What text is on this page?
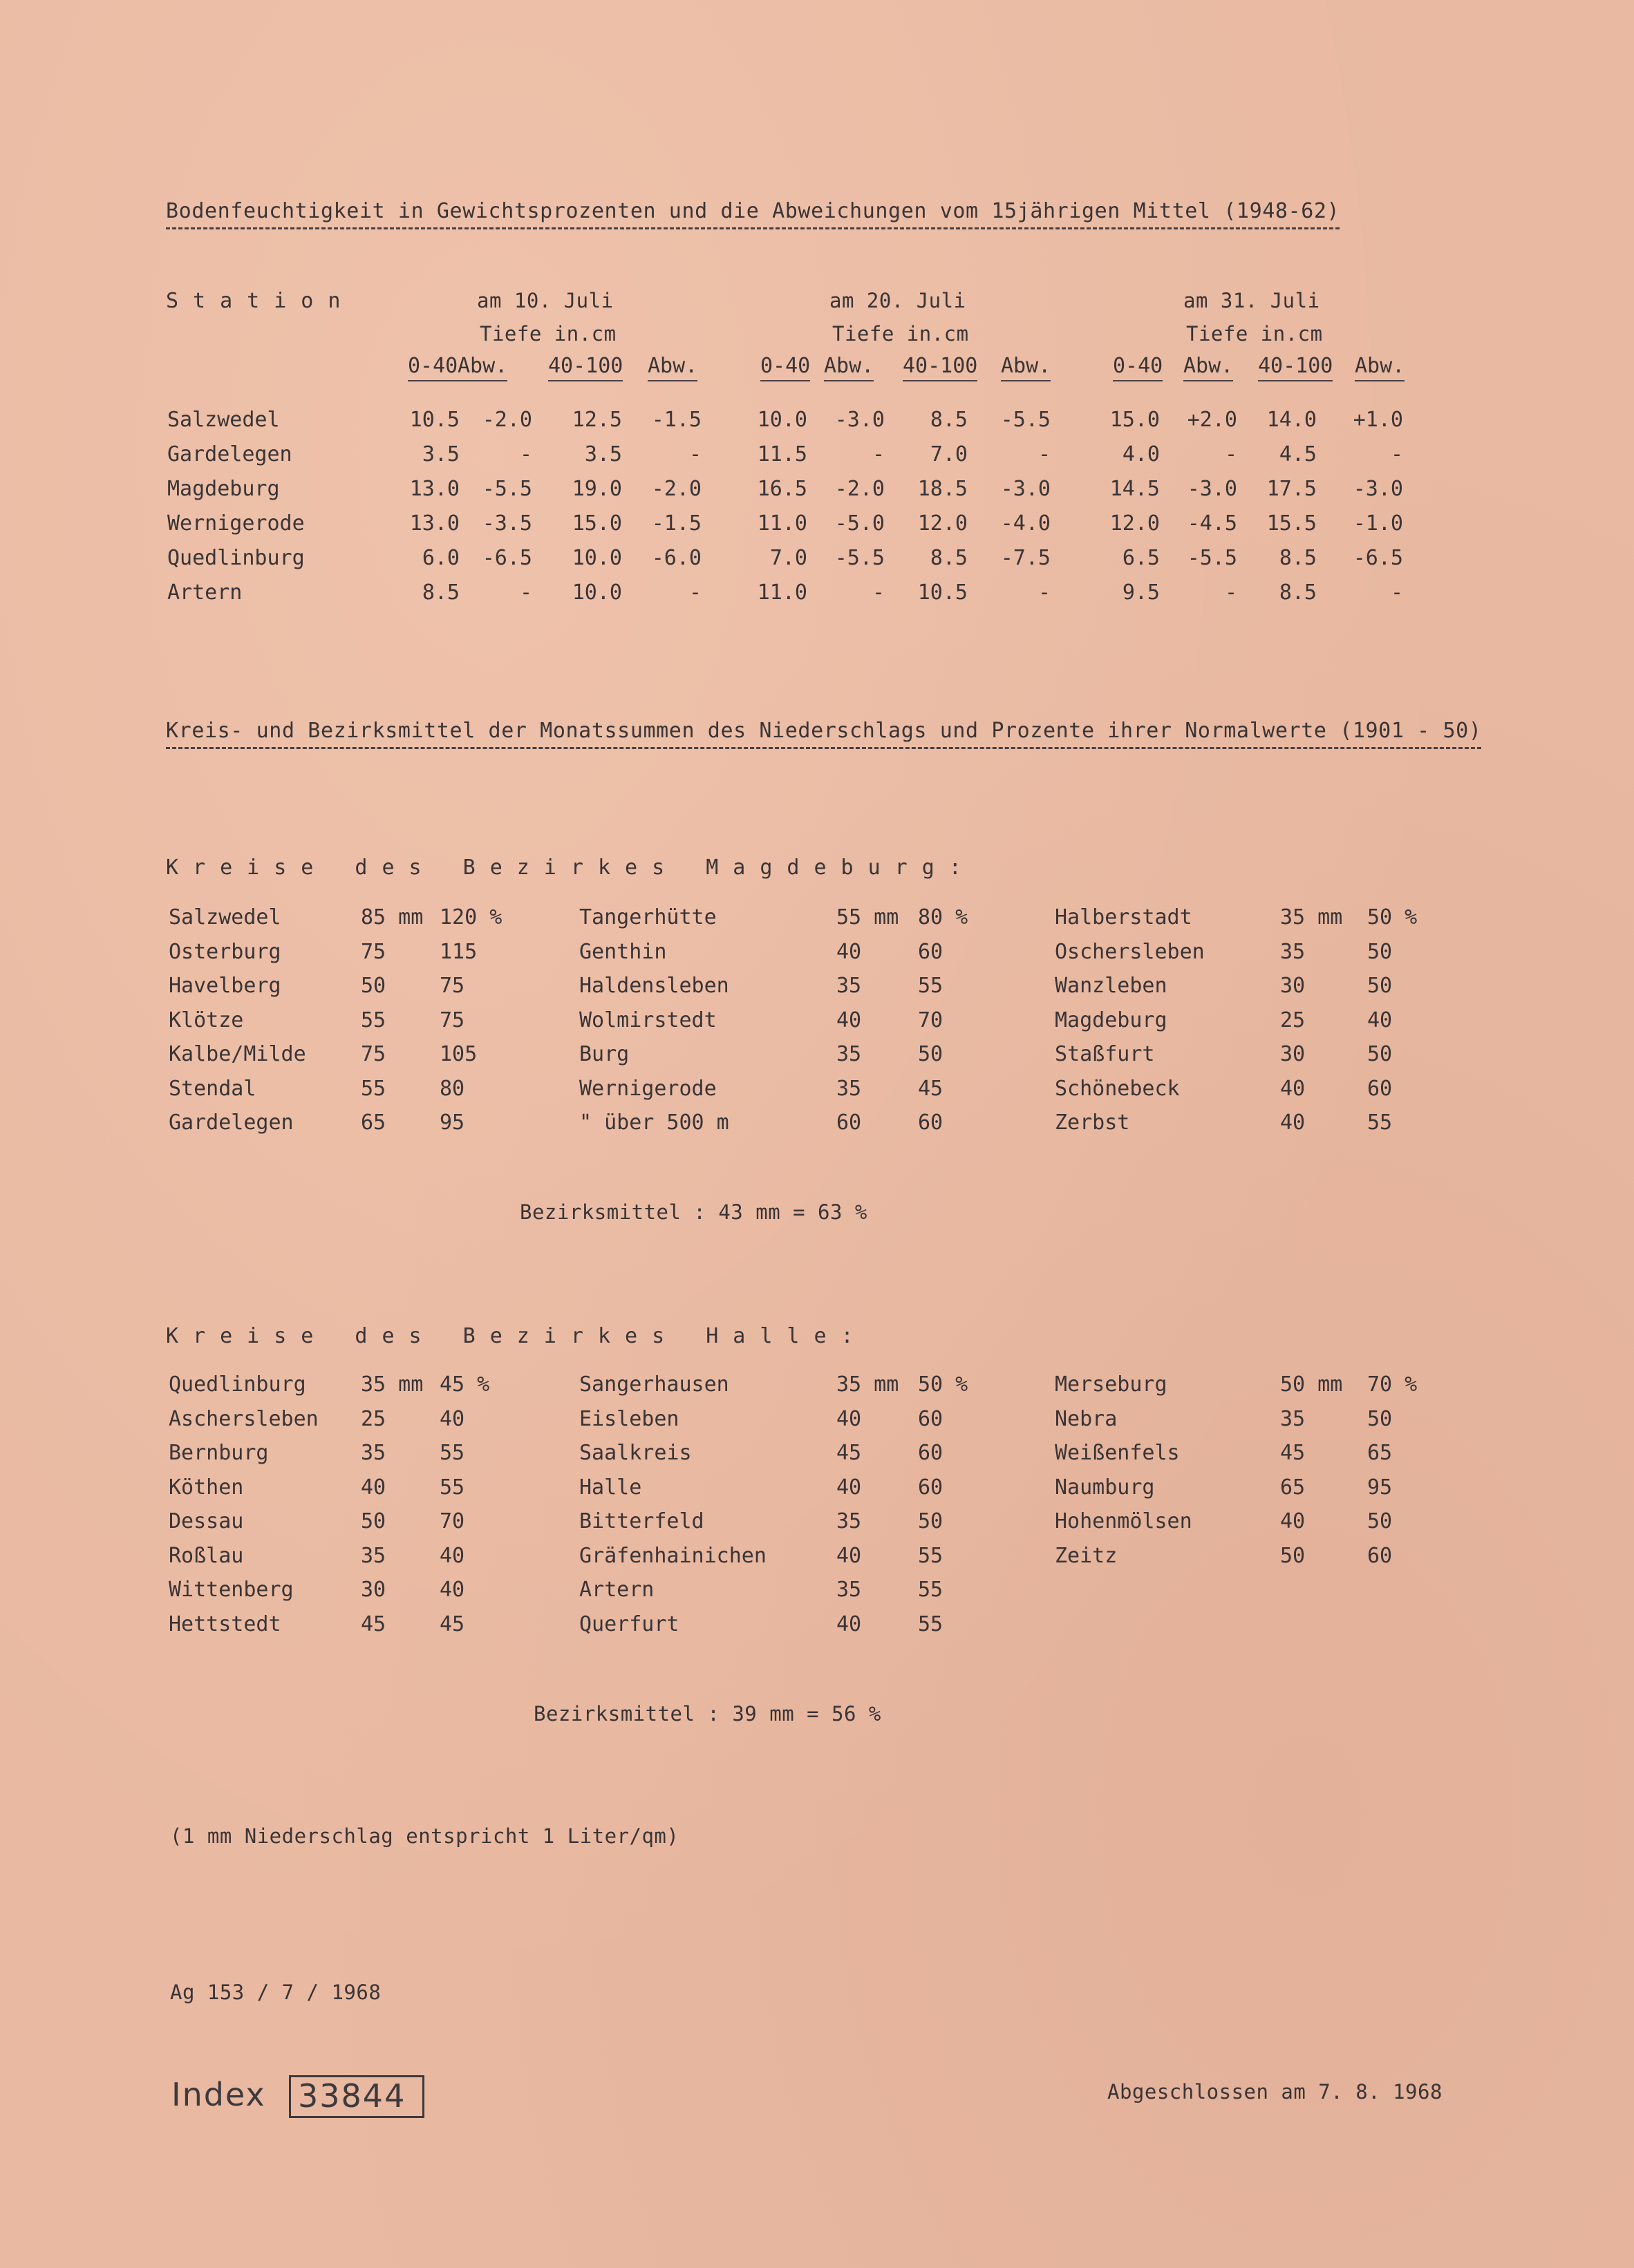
Bodenfeuchtigkeit in Gewichtsprozenten und die Abweichungen vom 15jährigen Mittel (1948-62)
Station	am 10. Juli	am 20. Juli	am 31. Juli
Tiefe in.cm	Tiefe in.cm	Tiefe in.cm
0-40 Abw. 40-100 Abw.	0-40 Abw. 40-100 Abw.	0-40 Abw. 40-100 Abw.
Salzwedel	10.5	-2.0	12.5	-1.5	10.0	-3.0	8.5	-5.5	15.0	+2.0	14.0	+1.0
Gardelegen	3.5	-	3.5	-	11.5	-	7.0	-	4.0	-	4.5	-
Magdeburg	13.0	-5.5	19.0	-2.0	16.5	-2.0	18.5	-3.0	14.5	-3.0	17.5	-3.0
Wernigerode	13.0	-3.5	15.0	-1.5	11.0	-5.0	12.0	-4.0	12.0	-4.5	15.5	-1.0
Quedlinburg	6.0	-6.5	10.0	-6.0	7.0	-5.5	8.5	-7.5	6.5	-5.5	8.5	-6.5
Artern	8.5	-	10.0	-	11.0	-	10.5	-	9.5	-	8.5	-
Kreis- und Bezirksmittel der Monatssummen des Niederschlags und Prozente ihrer Normalwerte (1901 - 50)
Kreise des Bezirkes Magdeburg:
Salzwedel	85 mm 120 %
Osterburg	75	115
Havelberg	50	75
Klötze	55	75
Kalbe/Milde	75	105
Stendal	55	80
Gardelegen	65	95
Tangerhütte	55 mm 80 %
Genthin	40	60
Haldensleben	35	55
Wolmirstedt	40	70
Burg	35	50
Wernigerode	35	45
" über 500 m	60	60
Halberstadt	35 mm 50 %
Oschersleben	35	50
Wanzleben	30	50
Magdeburg	25	40
Staßfurt	30	50
Schönebeck	40	60
Zerbst	40	55
Bezirksmittel : 43 mm = 63 %
Kreise des Bezirkes Halle:
Quedlinburg	35 mm 45 %
Aschersleben 25	40
Bernburg	35	55
Köthen	40	55
Dessau	50	70
Roßlau	35	40
Wittenberg	30	40
Hettstedt	45	45
Sangerhausen	35 mm 50 %
Eisleben	40	60
Saalkreis	45	60
Halle	40	60
Bitterfeld	35	50
Gräfenhainichen	40	55
Artern	35	55
Querfurt	40	55
Merseburg	50 mm 70 %
Nebra	35	50
Weißenfels	45	65
Naumburg	65	95
Hohenmölsen	40	50
Zeitz	50	60
Bezirksmittel : 39 mm = 56 %
(1 mm Niederschlag entspricht 1 Liter/qm)
Ag 153 / 7 / 1968
Index 33844	Abgeschlossen am 7. 8. 1968
